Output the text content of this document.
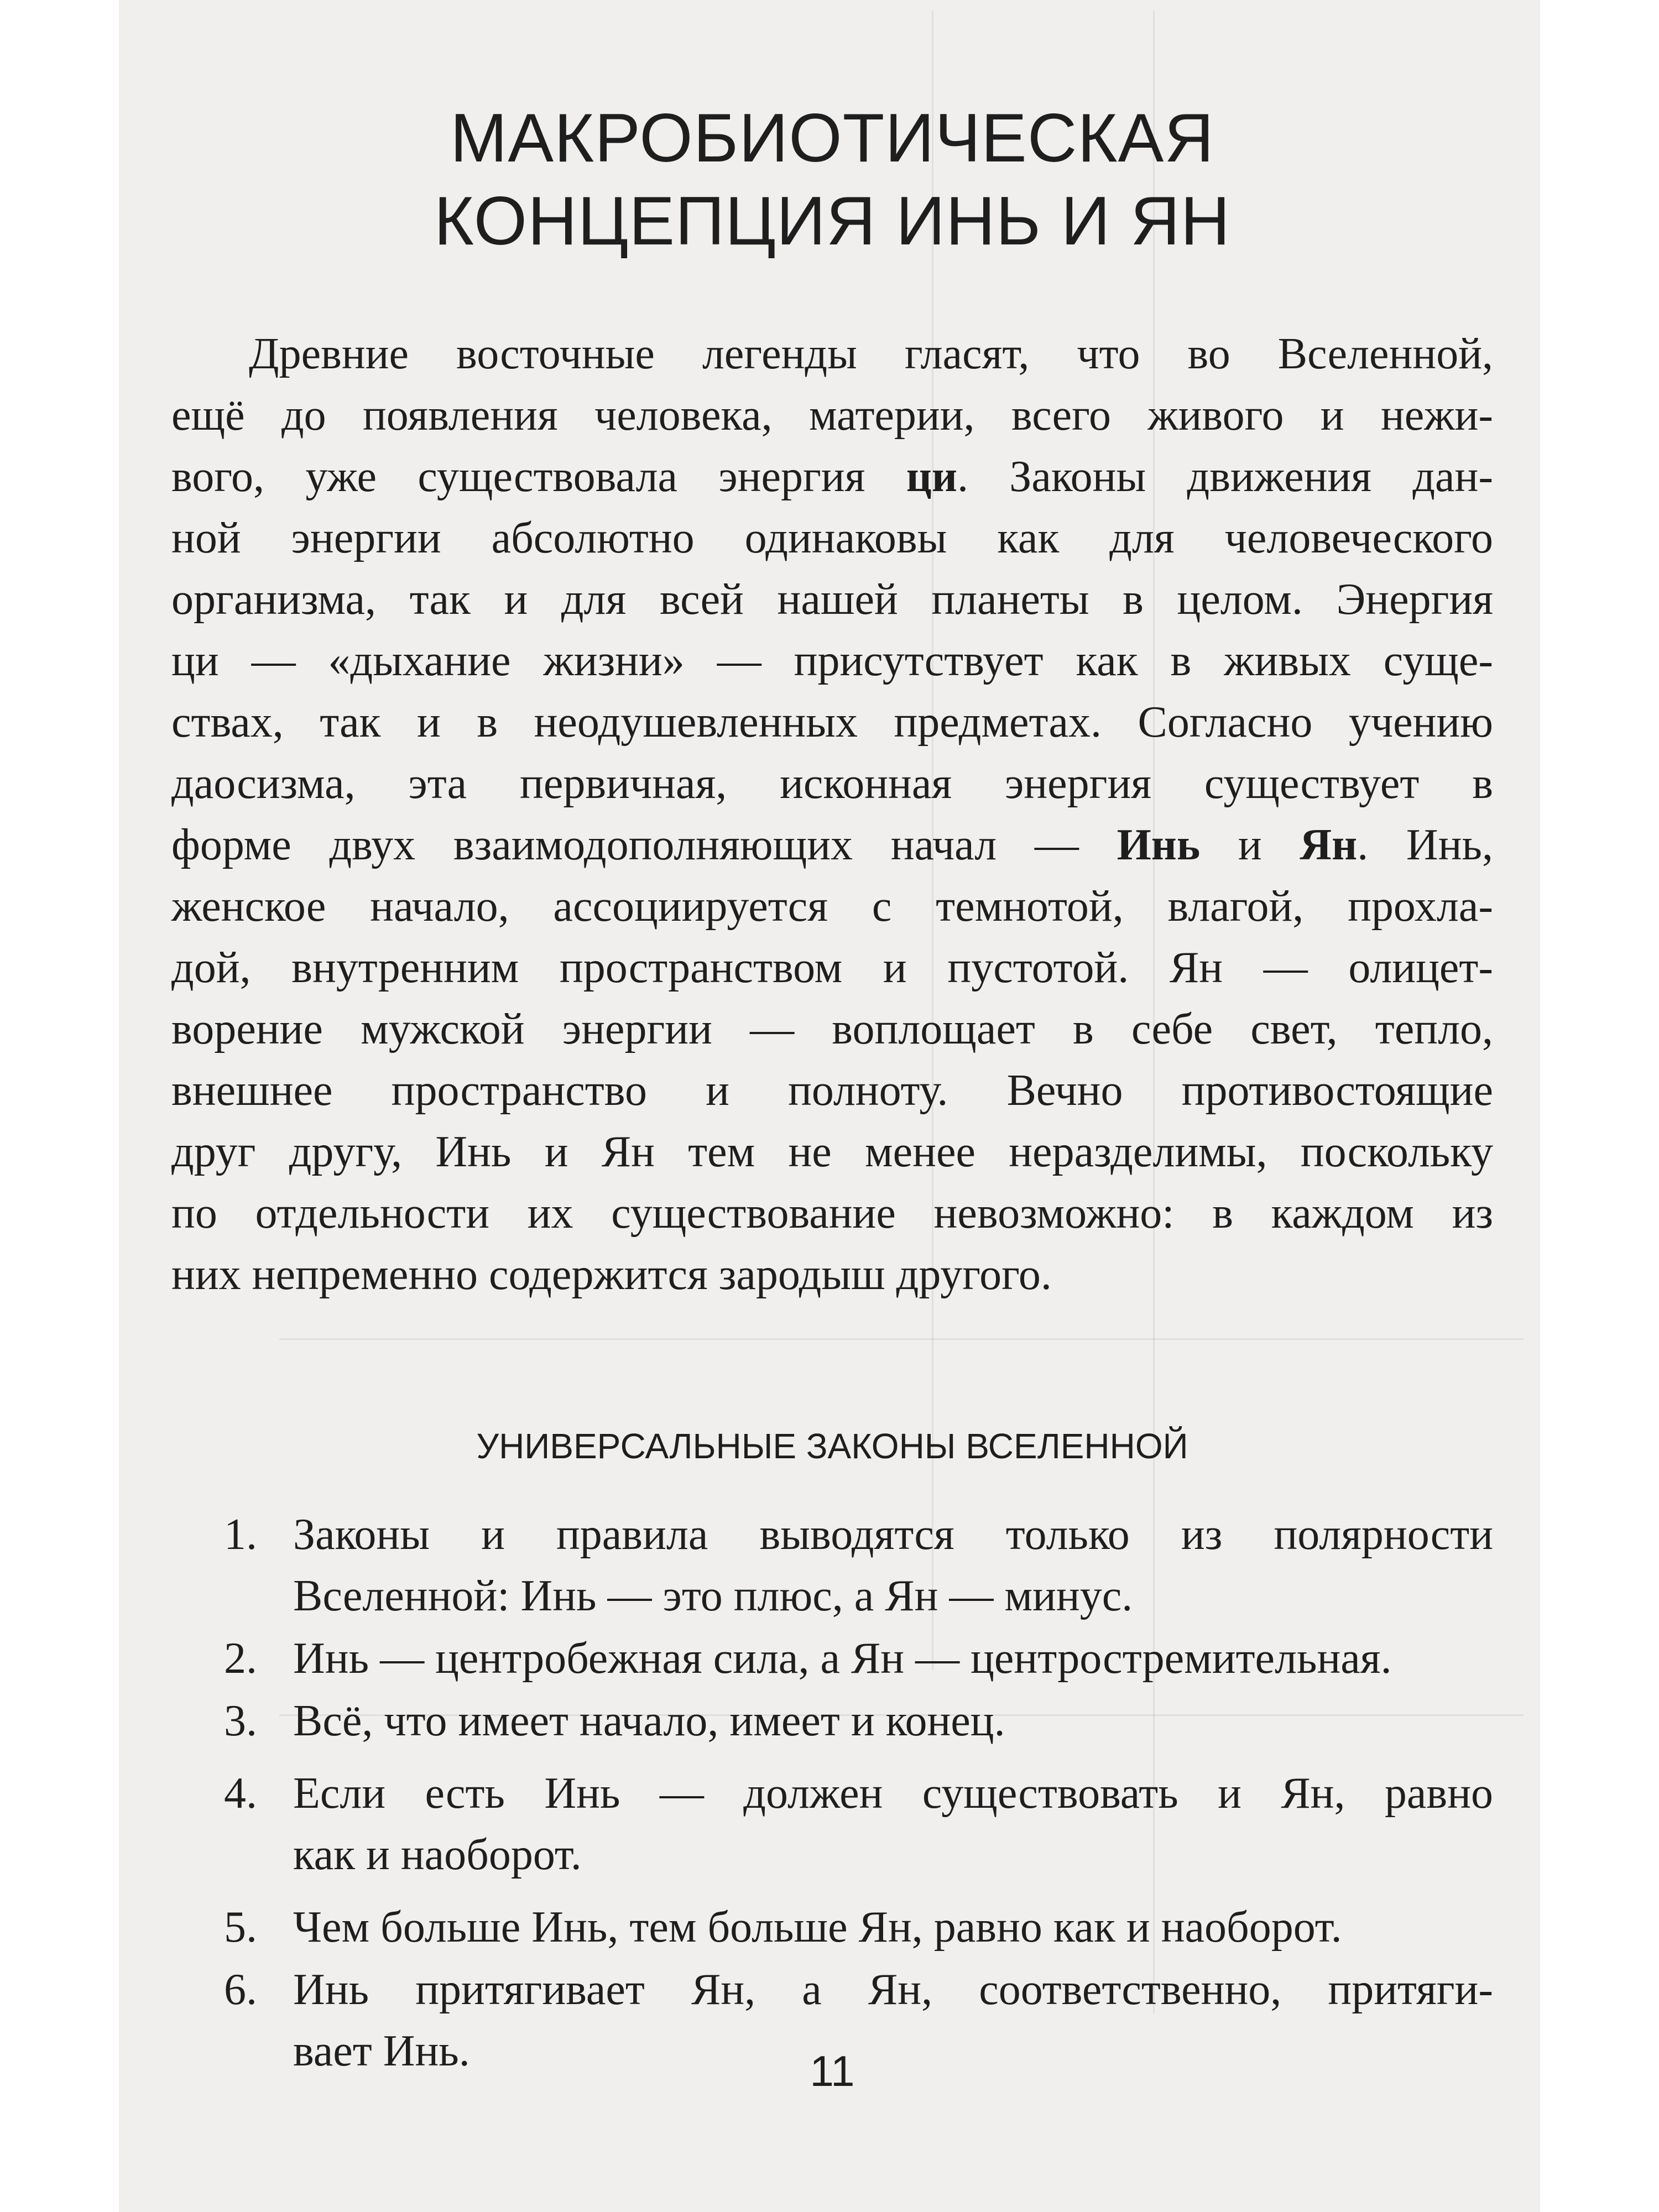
МАКРОБИОТИЧЕСКАЯ
КОНЦЕПЦИЯ ИНЬ И ЯН
Древние восточные легенды гласят, что во Вселенной,
ещё до появления человека, материи, всего живого и нежи-
вого, уже существовала энергия ци. Законы движения дан-
ной энергии абсолютно одинаковы как для человеческого
организма, так и для всей нашей планеты в целом. Энергия
ци — «дыхание жизни» — присутствует как в живых суще-
ствах, так и в неодушевленных предметах. Согласно учению
даосизма, эта первичная, исконная энергия существует в
форме двух взаимодополняющих начал — Инь и Ян. Инь,
женское начало, ассоциируется с темнотой, влагой, прохла-
дой, внутренним пространством и пустотой. Ян — олицет-
ворение мужской энергии — воплощает в себе свет, тепло,
внешнее пространство и полноту. Вечно противостоящие
друг другу, Инь и Ян тем не менее неразделимы, поскольку
по отдельности их существование невозможно: в каждом из
них непременно содержится зародыш другого.
УНИВЕРСАЛЬНЫЕ ЗАКОНЫ ВСЕЛЕННОЙ
1. Законы и правила выводятся только из полярности
Вселенной: Инь — это плюс, а Ян — минус.
2. Инь — центробежная сила, а Ян — центростремительная.
3. Всё, что имеет начало, имеет и конец.
4. Если есть Инь — должен существовать и Ян, равно
как и наоборот.
5. Чем больше Инь, тем больше Ян, равно как и наоборот.
6. Инь притягивает Ян, а Ян, соответственно, притяги-
вает Инь.	11
